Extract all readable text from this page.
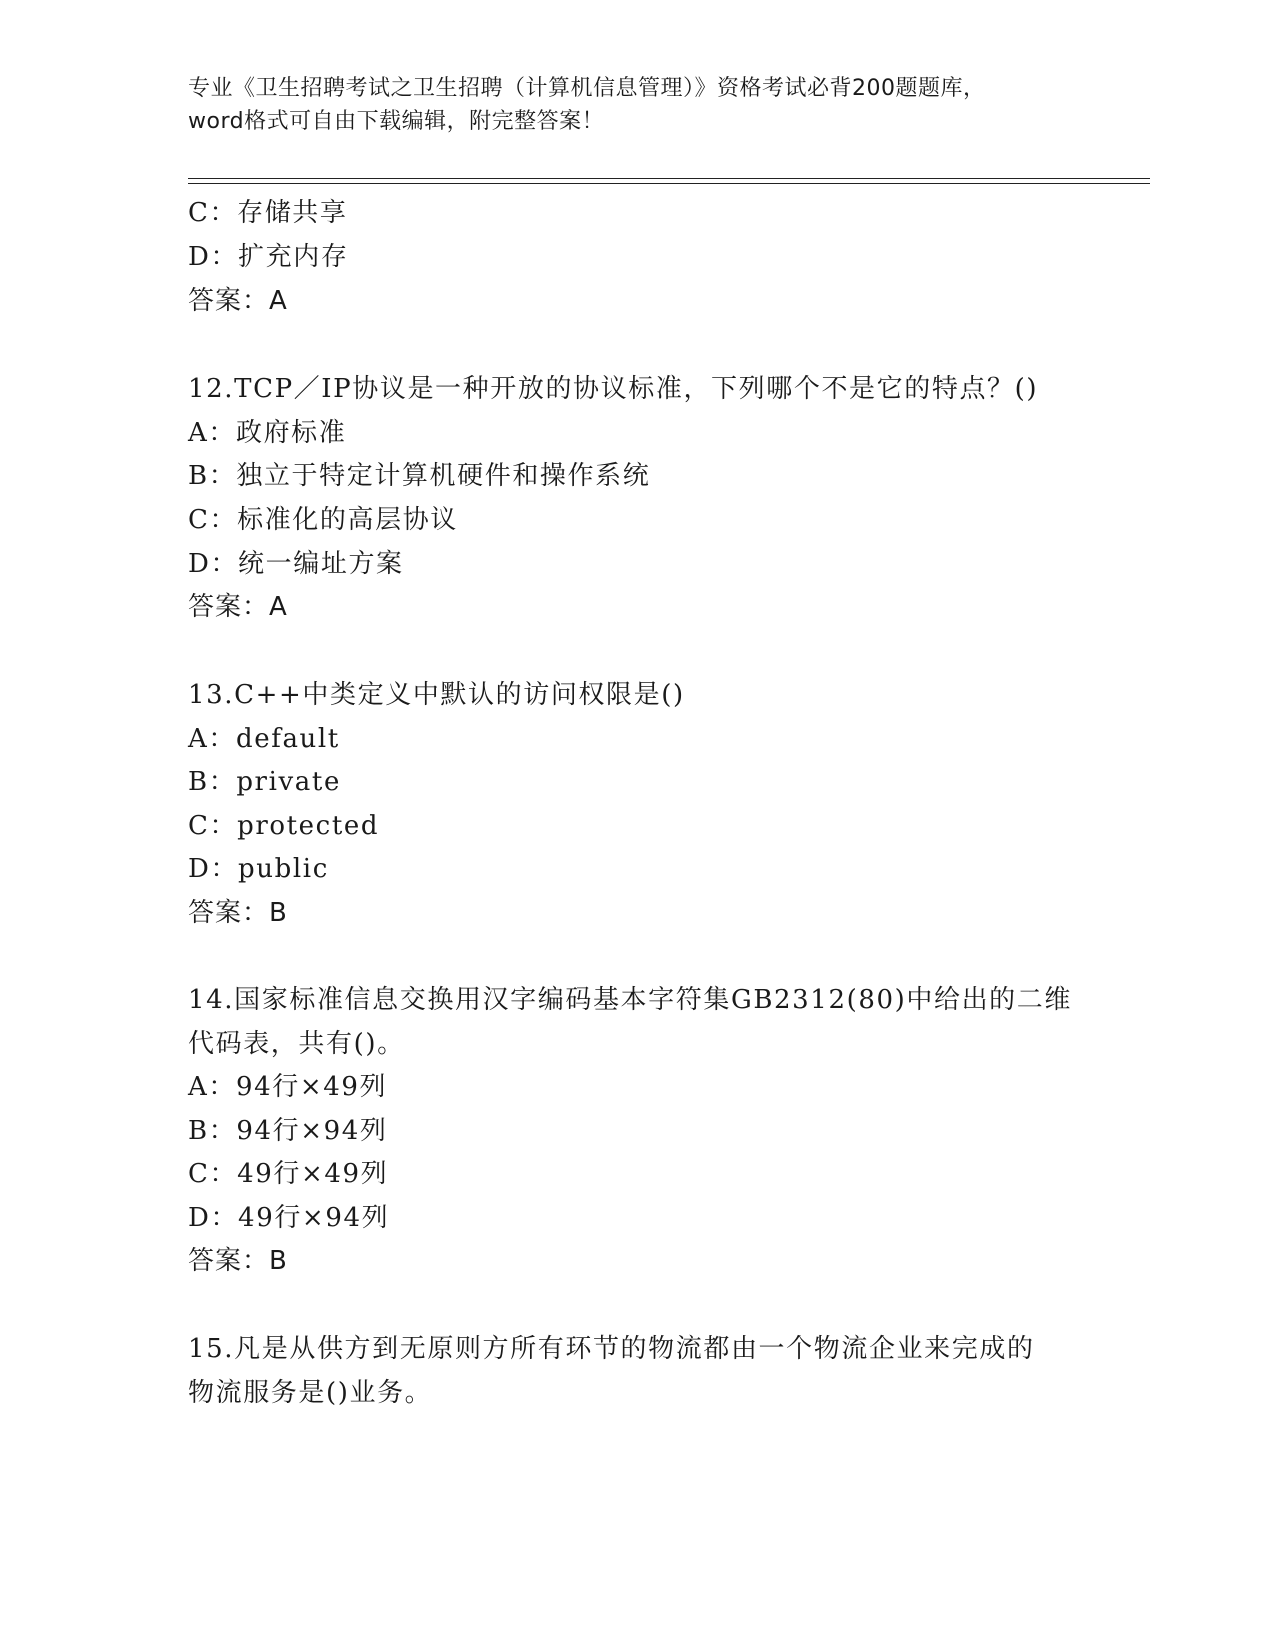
专业《卫生招聘考试之卫生招聘（计算机信息管理）》资格考试必背200题题库，
word格式可自由下载编辑，附完整答案！
C：存储共享
D：扩充内存
答案：A
12.TCP／IP协议是一种开放的协议标准，下列哪个不是它的特点？()
A：政府标准
B：独立于特定计算机硬件和操作系统
C：标准化的高层协议
D：统一编址方案
答案：A
13.C++中类定义中默认的访问权限是()
A：default
B：private
C：protected
D：public
答案：B
14.国家标准信息交换用汉字编码基本字符集GB2312(80)中给出的二维
代码表，共有()。
A：94行×49列
B：94行×94列
C：49行×49列
D：49行×94列
答案：B
15.凡是从供方到无原则方所有环节的物流都由一个物流企业来完成的
物流服务是()业务。
